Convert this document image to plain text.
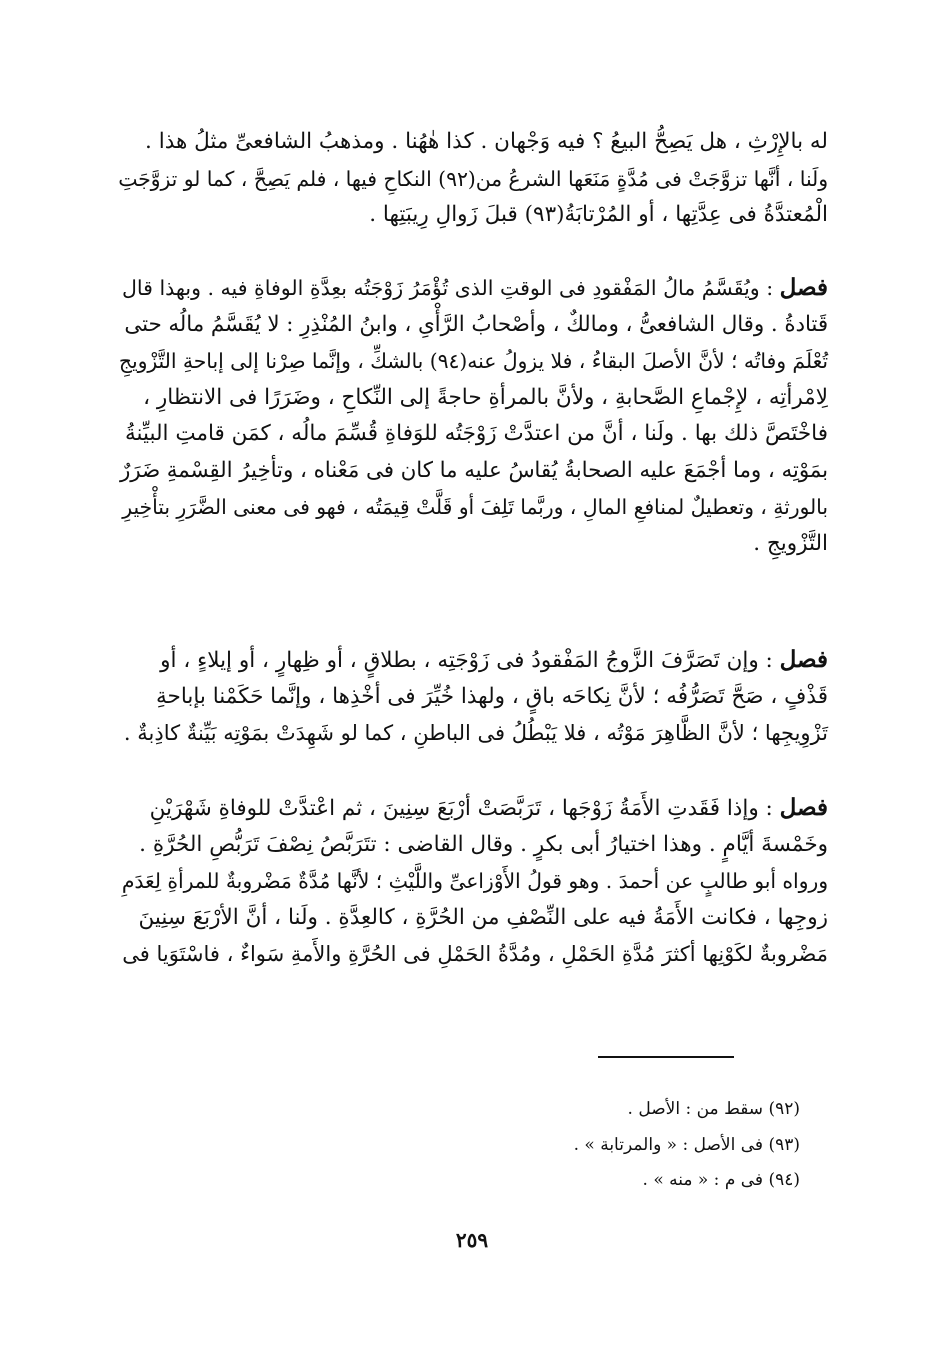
له بالإِرْثِ ، هل يَصِحُّ البيعُ ؟ فيه وَجْهان . كذا هٰهُنا . ومذهبُ الشافعىِّ مثلُ هذا .
ولَنا ، أنَّها تزوَّجَتْ فى مُدَّةٍ مَنَعَها الشرعُ من(٩٢) النكاحِ فيها ، فلم يَصِحَّ ، كما لو تزوَّجَتِ
الْمُعتدَّةُ فى عِدَّتِها ، أو المُرْتابَةُ(٩٣) قبلَ زَوالِ رِيبَتِها .
فصل : ويُقَسَّمُ مالُ المَفْقودِ فى الوقتِ الذى تُؤْمَرُ زَوْجَتُه بعِدَّةِ الوفاةِ فيه . وبهذا قال
قَتادةُ . وقال الشافعىُّ ، ومالكٌ ، وأصْحابُ الرَّأْىِ ، وابنُ المُنْذِرِ : لا يُقَسَّمُ مالُه حتى
تُعْلَمَ وفاتُه ؛ لأنَّ الأصلَ البقاءُ ، فلا يزولُ عنه(٩٤) بالشكِّ ، وإنَّما صِرْنا إلى إباحةِ التَّزْويجِ
لِامْرأتِه ، لإِجْماعِ الصَّحابةِ ، ولأنَّ بالمرأةِ حاجةً إلى النِّكاحِ ، وضَرَرًا فى الانتظارِ ،
فاخْتَصَّ ذلك بها . ولَنا ، أنَّ من اعتدَّتْ زَوْجَتُه للوَفاةِ قُسِّمَ مالُه ، كمَن قامتِ البيِّنةُ
بمَوْتِه ، وما أجْمَعَ عليه الصحابةُ يُقاسُ عليه ما كان فى مَعْناه ، وتأخِيرُ القِسْمةِ ضَرَرٌ
بالورثةِ ، وتعطيلٌ لمنافعِ المالِ ، وربَّما تَلِفَ أو قَلَّتْ قِيمَتُه ، فهو فى معنى الضَّرَرِ بتأْخِيرِ
التَّزْويجِ .
فصل : وإن تَصَرَّفَ الزَّوجُ المَفْقودُ فى زَوْجَتِه ، بطلاقٍ ، أو ظِهارٍ ، أو إيلاءٍ ، أو
قَذْفٍ ، صَحَّ تَصَرُّفُه ؛ لأنَّ نِكاحَه باقٍ ، ولهذا خُيِّرَ فى أخْذِها ، وإنَّما حَكَمْنا بإباحةِ
تَزْوِيجِها ؛ لأنَّ الظَّاهِرَ مَوْتُه ، فلا يَبْطُلُ فى الباطنِ ، كما لو شَهِدَتْ بمَوْتِه بَيِّنةٌ كاذِبةٌ .
فصل : وإذا فَقَدتِ الأَمَةُ زَوْجَها ، تَرَبَّصَتْ أرْبَعَ سِنِينَ ، ثم اعْتدَّتْ للوفاةِ شَهْرَيْنِ
وخَمْسةَ أيَّامٍ . وهذا اختيارُ أبى بكرٍ . وقال القاضى : تتَرَبَّصُ نِصْفَ تَرَبُّصِ الحُرَّةِ .
ورواه أبو طالبٍ عن أحمدَ . وهو قولُ الأَوْزاعىِّ واللَّيْثِ ؛ لأنَّها مُدَّةٌ مَضْروبةٌ للمرأةِ لِعَدَمِ
زوجِها ، فكانت الأَمَةُ فيه على النِّصْفِ من الحُرَّةِ ، كالعِدَّةِ . ولَنا ، أنَّ الأرْبَعَ سِنِينَ
مَضْروبةٌ لكَوْنِها أكثرَ مُدَّةِ الحَمْلِ ، ومُدَّةُ الحَمْلِ فى الحُرَّةِ والأَمةِ سَواءٌ ، فاسْتَوَيا فى
(٩٢) سقط من : الأصل .
(٩٣) فى الأصل : « والمرتابة » .
(٩٤) فى م : « منه » .
٢٥٩
